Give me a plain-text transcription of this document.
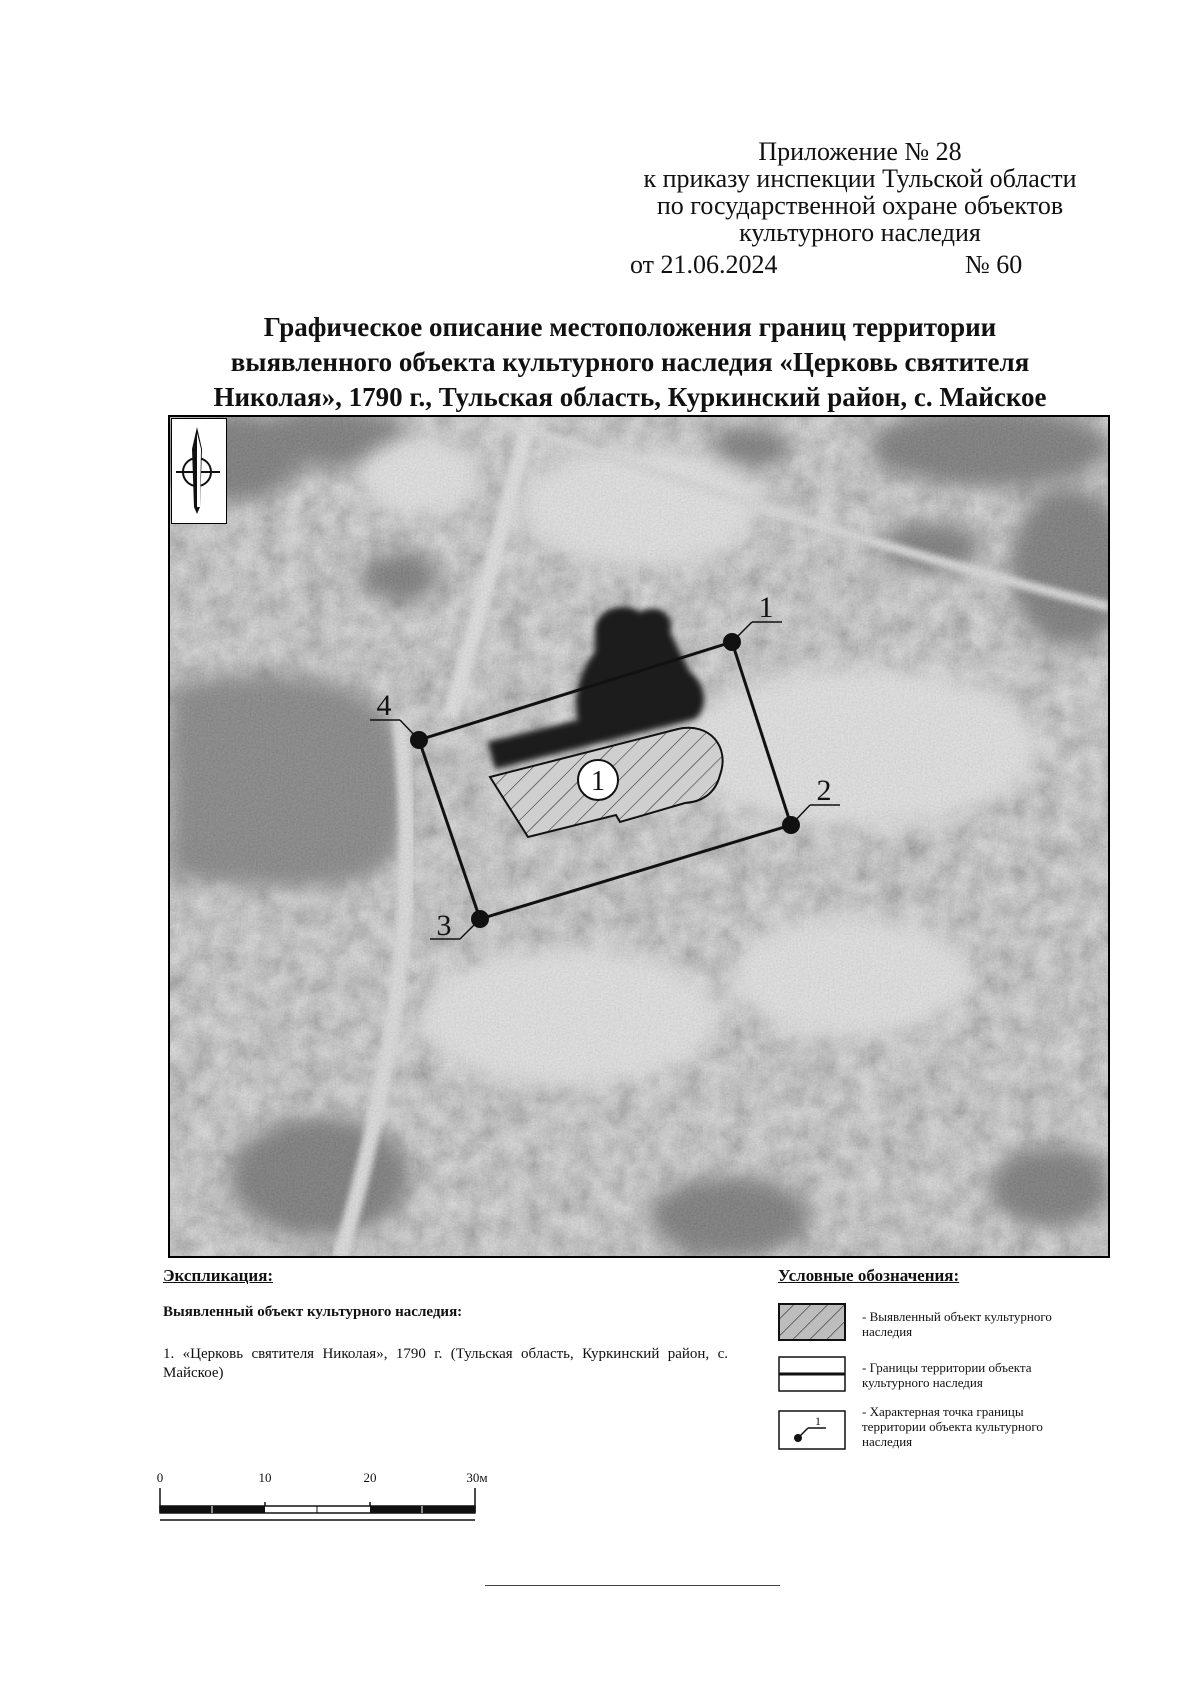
Приложение № 28
к приказу инспекции Тульской области
по государственной охране объектов
культурного наследия
от 21.06.2024	№ 60
Графическое описание местоположения границ территории
выявленного объекта культурного наследия «Церковь святителя
Николая», 1790 г., Тульская область, Куркинский район, с. Майское
1
1
2
3
4
Экспликация:
Выявленный объект культурного наследия:
1. «Церковь святителя Николая», 1790 г. (Тульская область, Куркинский район, с. Майское)
Условные обозначения:
- Выявленный объект культурного наследия
- Границы территории объекта культурного наследия
1
- Характерная точка границы территории объекта культурного наследия
0	10	20	30м
